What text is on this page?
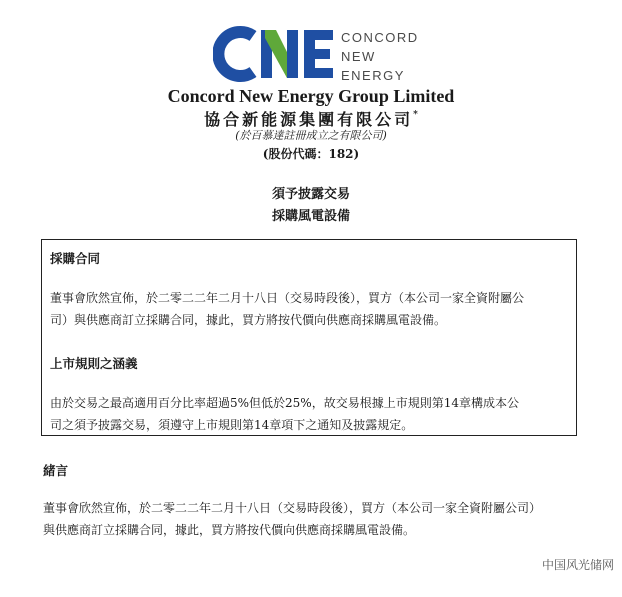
CONCORD
NEW
ENERGY
Concord New Energy Group Limited
協合新能源集團有限公司*
(於百慕達註冊成立之有限公司)
(股份代碼：182)
須予披露交易
採購風電設備
採購合同
董事會欣然宣佈，於二零二二年二月十八日（交易時段後），買方（本公司一家全資附屬公
司）與供應商訂立採購合同，據此，買方將按代價向供應商採購風電設備。
上市規則之涵義
由於交易之最高適用百分比率超過5%但低於25%，故交易根據上市規則第14章構成本公
司之須予披露交易，須遵守上市規則第14章項下之通知及披露規定。
緒言
董事會欣然宣佈，於二零二二年二月十八日（交易時段後），買方（本公司一家全資附屬公司）
與供應商訂立採購合同，據此，買方將按代價向供應商採購風電設備。
中国风光储网
